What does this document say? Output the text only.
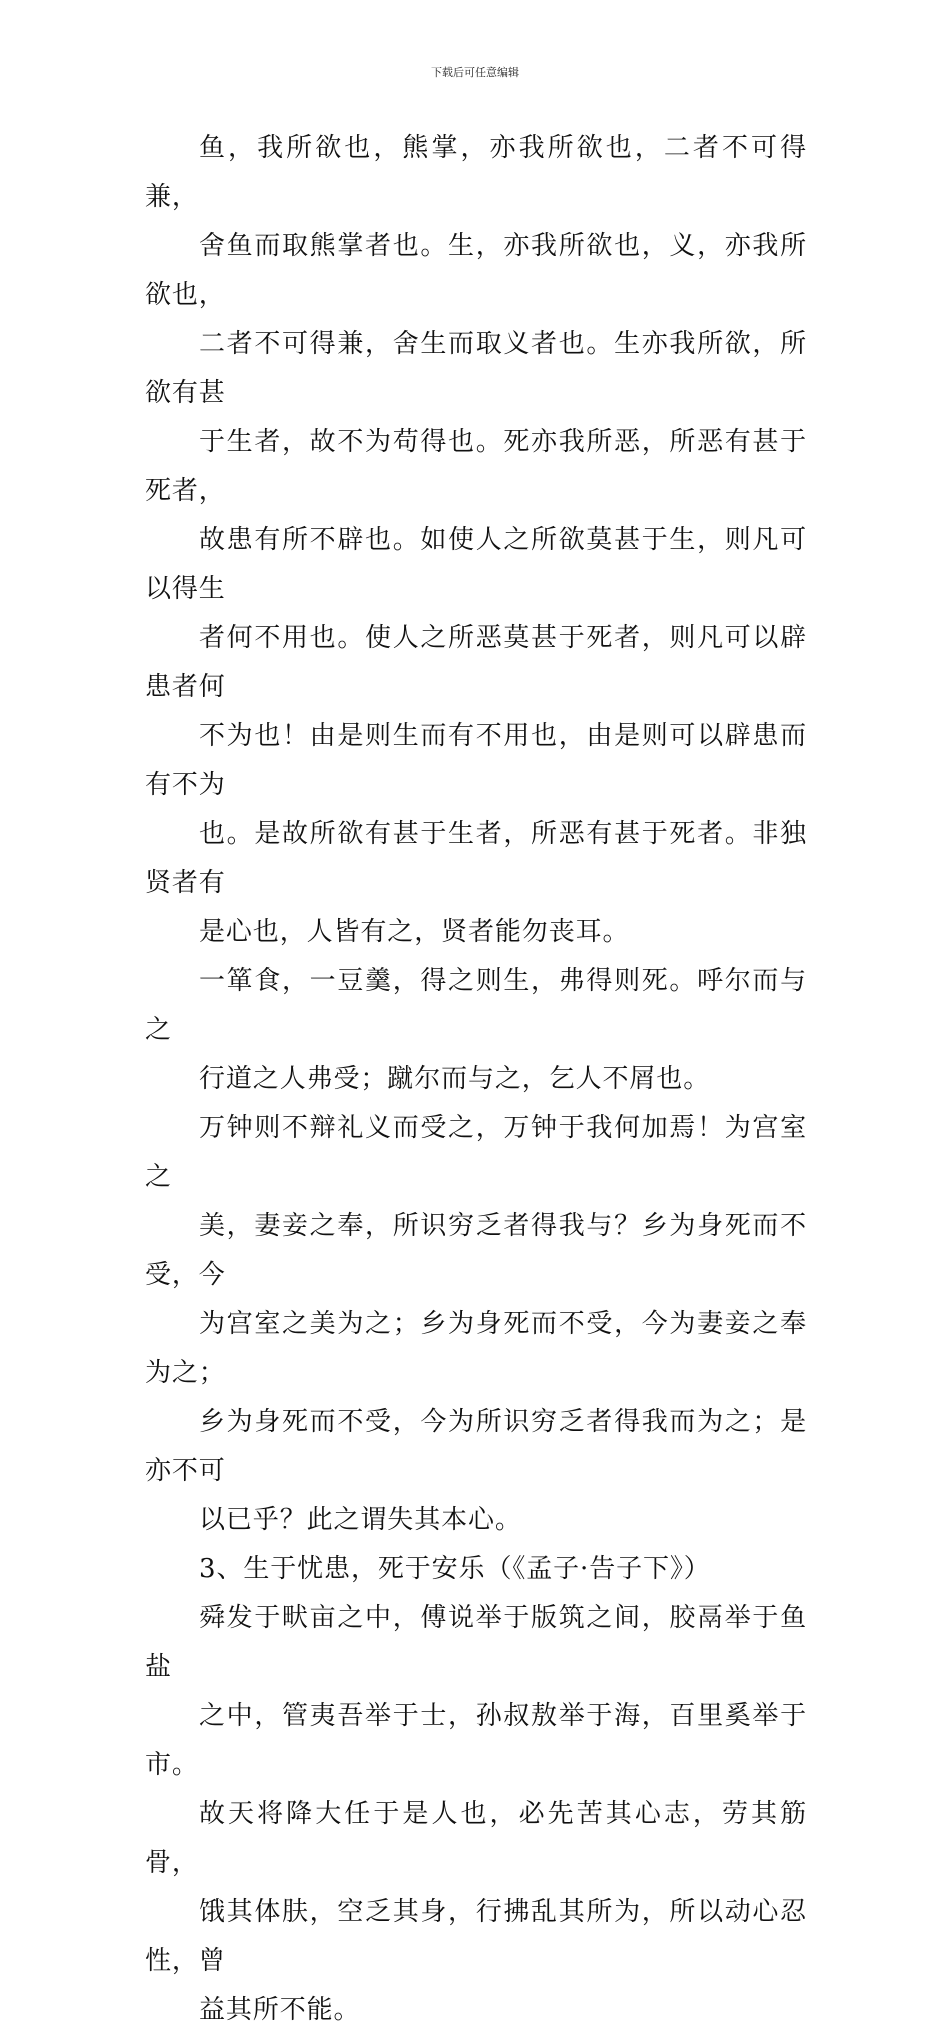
下载后可任意编辑

鱼，我所欲也，熊掌，亦我所欲也，二者不可得兼，
舍鱼而取熊掌者也。生，亦我所欲也，义，亦我所欲也，
二者不可得兼，舍生而取义者也。生亦我所欲，所欲有甚
于生者，故不为苟得也。死亦我所恶，所恶有甚于死者，
故患有所不辟也。如使人之所欲莫甚于生，则凡可以得生
者何不用也。使人之所恶莫甚于死者，则凡可以辟患者何
不为也！由是则生而有不用也，由是则可以辟患而有不为
也。是故所欲有甚于生者，所恶有甚于死者。非独贤者有
是心也，人皆有之，贤者能勿丧耳。

一箪食，一豆羹，得之则生，弗得则死。呼尔而与之
行道之人弗受；蹴尔而与之，乞人不屑也。

万钟则不辩礼义而受之，万钟于我何加焉！为宫室之
美，妻妾之奉，所识穷乏者得我与？乡为身死而不受，今
为宫室之美为之；乡为身死而不受，今为妻妾之奉为之；
乡为身死而不受，今为所识穷乏者得我而为之；是亦不可
以已乎？此之谓失其本心。

3、生于忧患，死于安乐（《孟子·告子下》）

舜发于畎亩之中，傅说举于版筑之间，胶鬲举于鱼盐
之中，管夷吾举于士，孙叔敖举于海，百里奚举于市。

故天将降大任于是人也，必先苦其心志，劳其筋骨，
饿其体肤，空乏其身，行拂乱其所为，所以动心忍性，曾
益其所不能。
